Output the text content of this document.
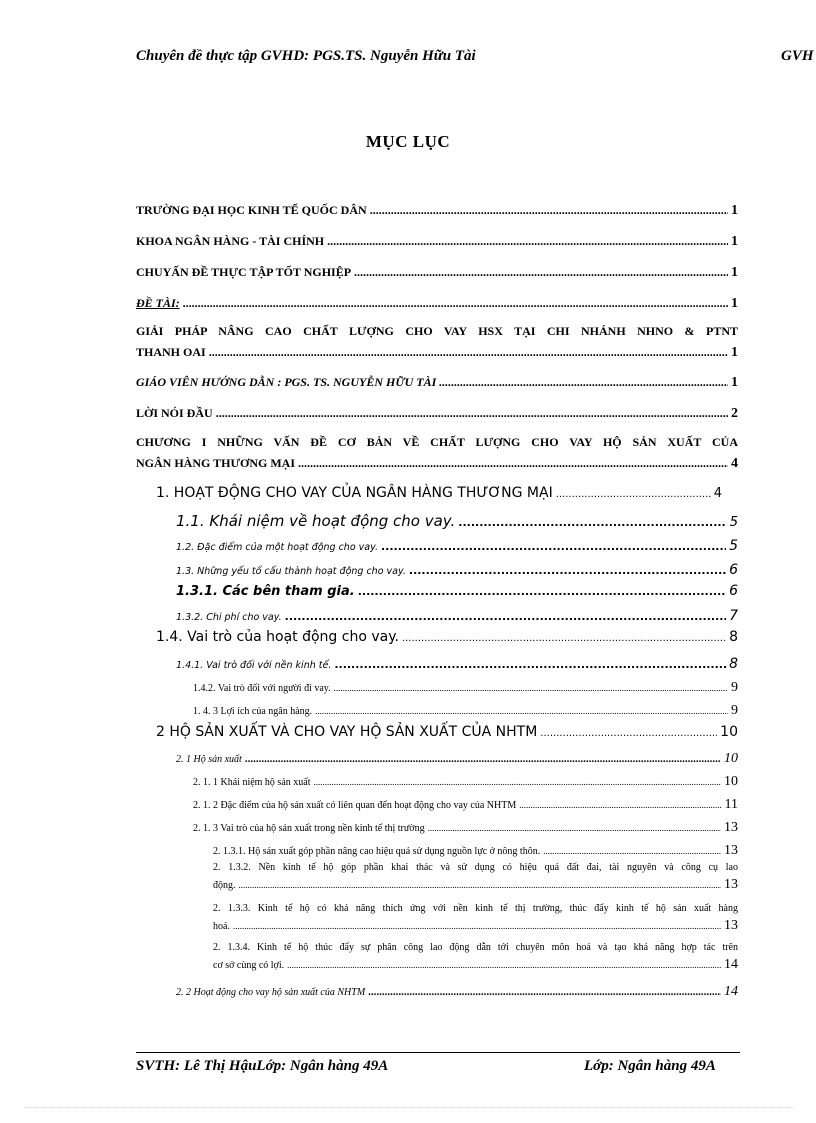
Chuyên đề thực tập GVHD: PGS.TS. Nguyễn Hữu Tài	GVH
MỤC LỤC
TRƯỜNG ĐẠI HỌC KINH TẾ QUỐC DÂN .....	1
KHOA NGÂN HÀNG - TÀI CHÍNH .....	1
CHUYẤN ĐỀ THỰC TẬP TỐT NGHIỆP .....	1
ĐỀ TÀI: .....	1
GIẢI PHÁP NÂNG CAO CHẤT LƯỢNG CHO VAY HSX TẠI CHI NHÁNH NHNO & PTNT
THANH OAI .....	1
GIÁO VIÊN HƯỚNG DẪN : PGS. TS. NGUYỄN HỮU TÀI .....	1
LỜI NÓI ĐẦU .....	2
CHƯƠNG I NHỮNG VẤN ĐỀ CƠ BẢN VỀ CHẤT LƯỢNG CHO VAY HỘ SẢN XUẤT CỦA
NGÂN HÀNG THƯƠNG MẠI .....	4
1. HOẠT ĐỘNG CHO VAY CỦA NGÂN HÀNG THƯƠNG MẠI .....	4
1.1. Khái niệm về hoạt động cho vay. .....	5
1.2. Đặc điểm của một hoạt động cho vay. .....	5
1.3. Những yếu tố cấu thành hoạt động cho vay. .....	6
1.3.1. Các bên tham gia. .....	6
1.3.2. Chi phí cho vay. .....	7
1.4. Vai trò của hoạt động cho vay. .....	8
1.4.1. Vai trò đối với nền kinh tế. .....	8
1.4.2. Vai trò đối với người đi vay. .....	9
1. 4. 3 Lợi ích của ngân hàng. .....	9
2 HỘ SẢN XUẤT VÀ CHO VAY HỘ SẢN XUẤT CỦA NHTM .....	10
2. 1 Hộ sản xuất .....	10
2. 1. 1 Khái niệm hộ sản xuất .....	10
2. 1. 2 Đặc điểm của hộ sản xuất có liên quan đến hoạt động cho vay của NHTM .....	11
2. 1. 3 Vai trò của hộ sản xuất trong nền kinh tế thị trường .....	13
2. 1.3.1. Hộ sản xuất góp phần nâng cao hiệu quả sử dụng nguồn lực ở nông thôn. .....	13
2. 1.3.2. Nền kinh tế hộ góp phần khai thác và sử dụng có hiệu quả đất đai, tài nguyên và công cụ lao
động. .....	13
2. 1.3.3. Kinh tế hộ có khả năng thích ứng với nền kinh tế thị trường, thúc đẩy kinh tế hộ sản xuất hàng
hoá. .....	13
2. 1.3.4. Kinh tế hộ thúc đẩy sự phân công lao động dẫn tới chuyên môn hoá và tạo khả năng hợp tác trên
cơ sở cùng có lợi. .....	14
2. 2 Hoạt động cho vay hộ sản xuất của NHTM .....	14
SVTH: Lê Thị HậuLớp: Ngân hàng 49A	Lớp: Ngân hàng 49A
